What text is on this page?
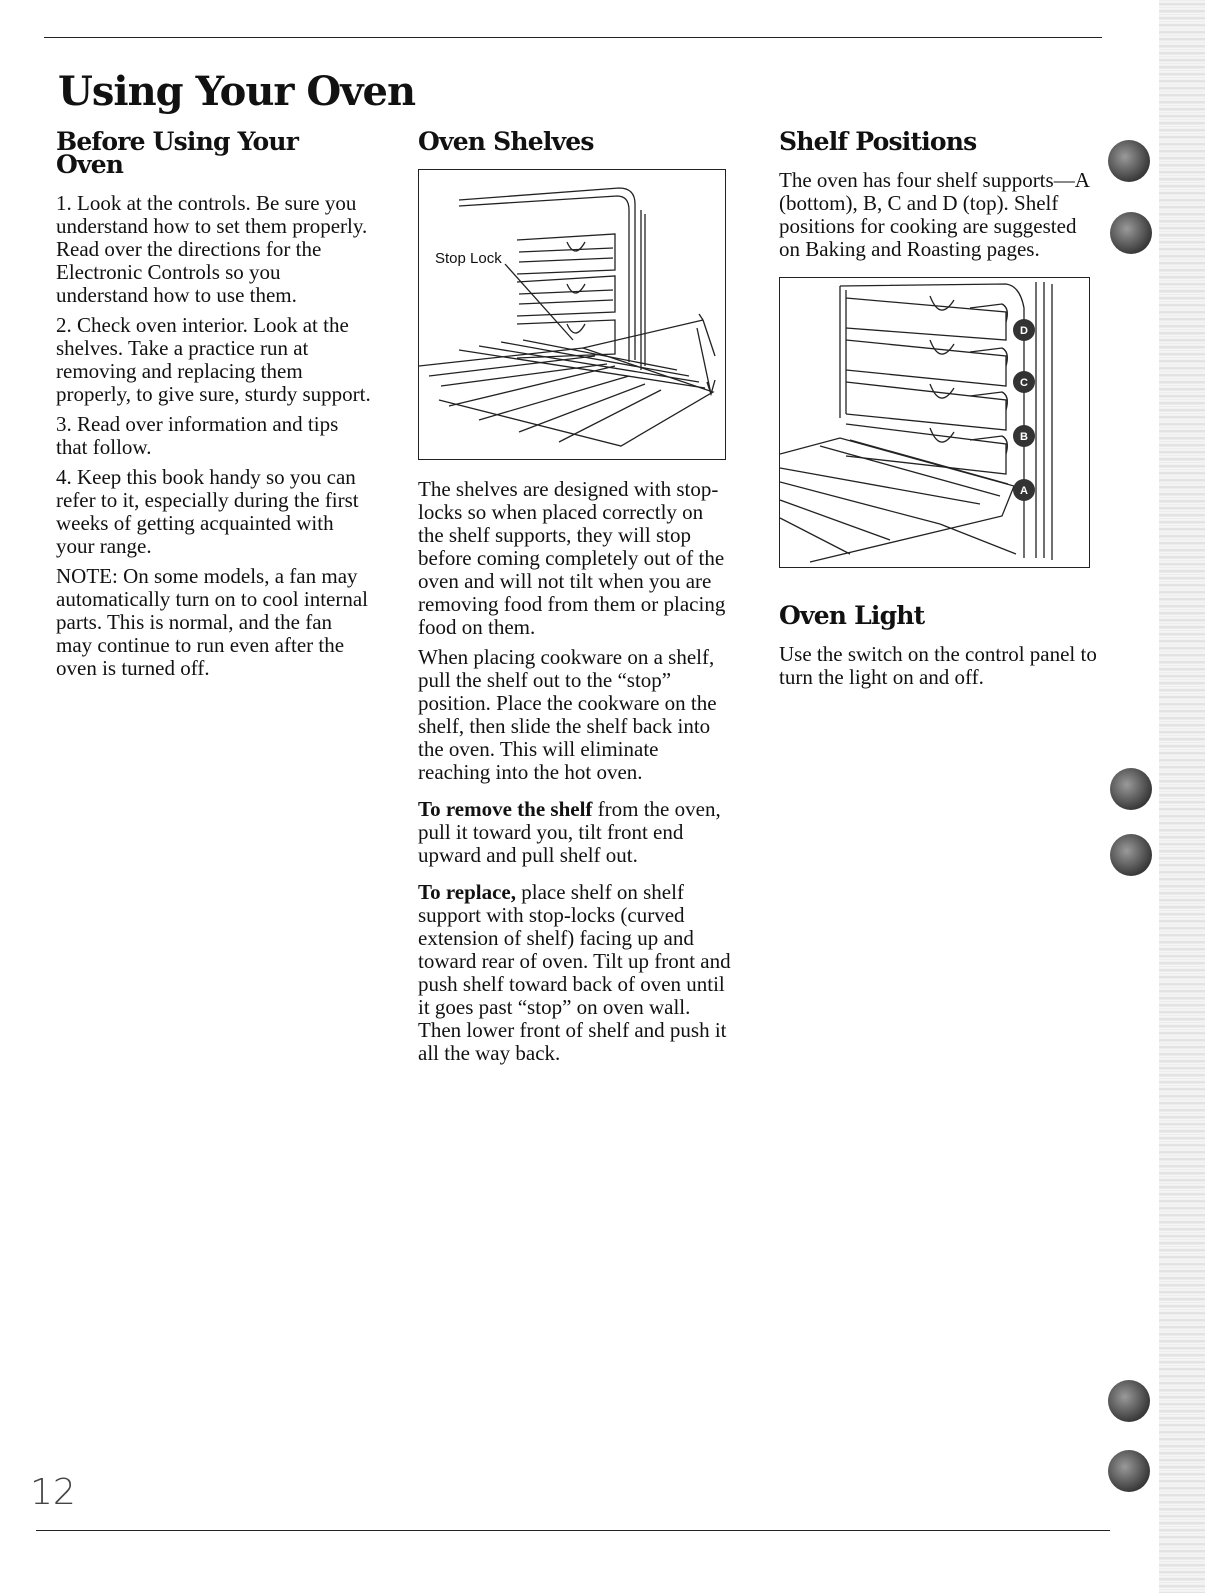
Using Your Oven
Before Using Your Oven

1. Look at the controls. Be sure you understand how to set them properly. Read over the directions for the Electronic Controls so you understand how to use them.

2. Check oven interior. Look at the shelves. Take a practice run at removing and replacing them properly, to give sure, sturdy support.

3. Read over information and tips that follow.

4. Keep this book handy so you can refer to it, especially during the first weeks of getting acquainted with your range.

NOTE: On some models, a fan may automatically turn on to cool internal parts. This is normal, and the fan may continue to run even after the oven is turned off.

Oven Shelves
Stop Lock

The shelves are designed with stop-locks so when placed correctly on the shelf supports, they will stop before coming completely out of the oven and will not tilt when you are removing food from them or placing food on them.

When placing cookware on a shelf, pull the shelf out to the “stop” position. Place the cookware on the shelf, then slide the shelf back into the oven. This will eliminate reaching into the hot oven.

To remove the shelf from the oven, pull it toward you, tilt front end upward and pull shelf out.

To replace, place shelf on shelf support with stop-locks (curved extension of shelf) facing up and toward rear of oven. Tilt up front and push shelf toward back of oven until it goes past “stop” on oven wall. Then lower front of shelf and push it all the way back.

Shelf Positions

The oven has four shelf supports—A (bottom), B, C and D (top). Shelf positions for cooking are suggested on Baking and Roasting pages.

D
C
B
A
Oven Light

Use the switch on the control panel to turn the light on and off.

12
